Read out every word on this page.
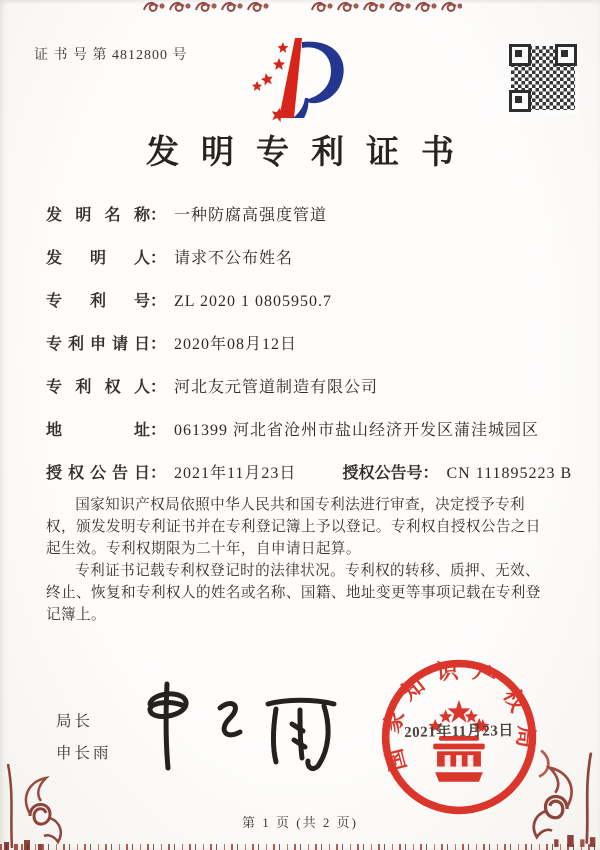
证 书 号 第 4812800 号
发明专利证书
发明名称： 一种防腐高强度管道
发明人： 请求不公布姓名
专利号： ZL 2020 1 0805950.7
专利申请日： 2020年08月12日
专利权人： 河北友元管道制造有限公司
地址： 061399 河北省沧州市盐山经济开发区蒲洼城园区
授权公告日： 2021年11月23日	授权公告号： CN 111895223 B

国家知识产权局依照中华人民共和国专利法进行审查，决定授予专利权，颁发发明专利证书并在专利登记簿上予以登记。专利权自授权公告之日起生效。专利权期限为二十年，自申请日起算。

专利证书记载专利权登记时的法律状况。专利权的转移、质押、无效、终止、恢复和专利权人的姓名或名称、国籍、地址变更等事项记载在专利登记簿上。

局长
申长雨	国家知识产权局
2021年11月23日
第 1 页 (共 2 页)
